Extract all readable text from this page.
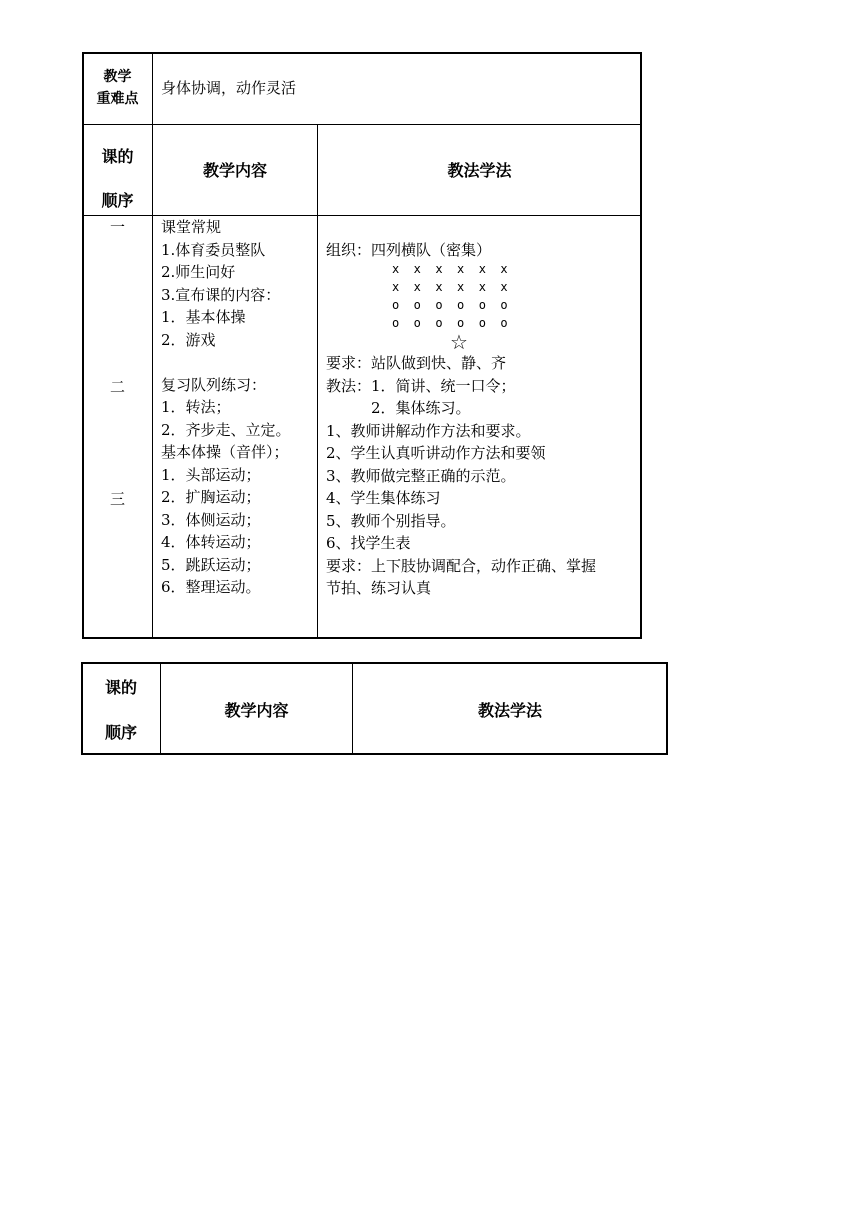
教学
重难点
身体协调，动作灵活
课的
顺序
教学内容	教法学法
一
二
三
课堂常规
1.体育委员整队
2.师生问好
3.宣布课的内容：
1．基本体操
2．游戏

复习队列练习：
1．转法；
2．齐步走、立定。
基本体操（音伴）；
1．头部运动；
2．扩胸运动；
3．体侧运动；
4．体转运动；
5．跳跃运动；
6．整理运动。
组织：四列横队（密集）
x  x  x  x  x  x
x  x  x  x  x  x
o  o  o  o  o  o
o  o  o  o  o  o
☆
要求：站队做到快、静、齐
教法：1．简讲、统一口令；
　　　2．集体练习。
1、教师讲解动作方法和要求。
2、学生认真听讲动作方法和要领
3、教师做完整正确的示范。
4、学生集体练习
5、教师个别指导。
6、找学生表
要求：上下肢协调配合，动作正确、掌握
节拍、练习认真
课的
顺序
教学内容	教法学法
